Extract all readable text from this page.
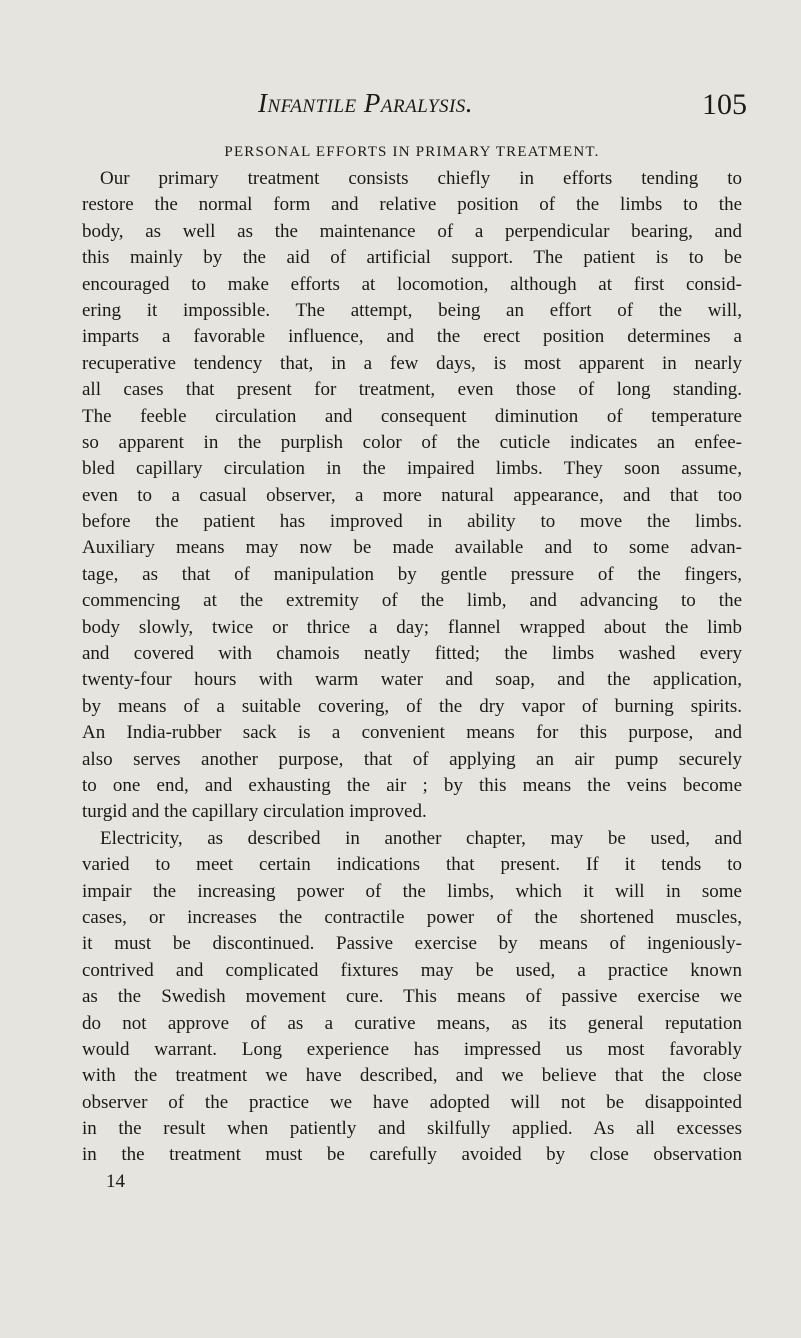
Infantile Paralysis.	105
PERSONAL EFFORTS IN PRIMARY TREATMENT.
Our primary treatment consists chiefly in efforts tending to
restore the normal form and relative position of the limbs to the
body, as well as the maintenance of a perpendicular bearing, and
this mainly by the aid of artificial support. The patient is to be
encouraged to make efforts at locomotion, although at first consid-
ering it impossible. The attempt, being an effort of the will,
imparts a favorable influence, and the erect position determines a
recuperative tendency that, in a few days, is most apparent in nearly
all cases that present for treatment, even those of long standing.
The feeble circulation and consequent diminution of temperature
so apparent in the purplish color of the cuticle indicates an enfee-
bled capillary circulation in the impaired limbs. They soon assume,
even to a casual observer, a more natural appearance, and that too
before the patient has improved in ability to move the limbs.
Auxiliary means may now be made available and to some advan-
tage, as that of manipulation by gentle pressure of the fingers,
commencing at the extremity of the limb, and advancing to the
body slowly, twice or thrice a day; flannel wrapped about the limb
and covered with chamois neatly fitted; the limbs washed every
twenty-four hours with warm water and soap, and the application,
by means of a suitable covering, of the dry vapor of burning spirits.
An India-rubber sack is a convenient means for this purpose, and
also serves another purpose, that of applying an air pump securely
to one end, and exhausting the air ; by this means the veins become
turgid and the capillary circulation improved.
Electricity, as described in another chapter, may be used, and
varied to meet certain indications that present. If it tends to
impair the increasing power of the limbs, which it will in some
cases, or increases the contractile power of the shortened muscles,
it must be discontinued. Passive exercise by means of ingeniously-
contrived and complicated fixtures may be used, a practice known
as the Swedish movement cure. This means of passive exercise we
do not approve of as a curative means, as its general reputation
would warrant. Long experience has impressed us most favorably
with the treatment we have described, and we believe that the close
observer of the practice we have adopted will not be disappointed
in the result when patiently and skilfully applied. As all excesses
in the treatment must be carefully avoided by close observation
14
